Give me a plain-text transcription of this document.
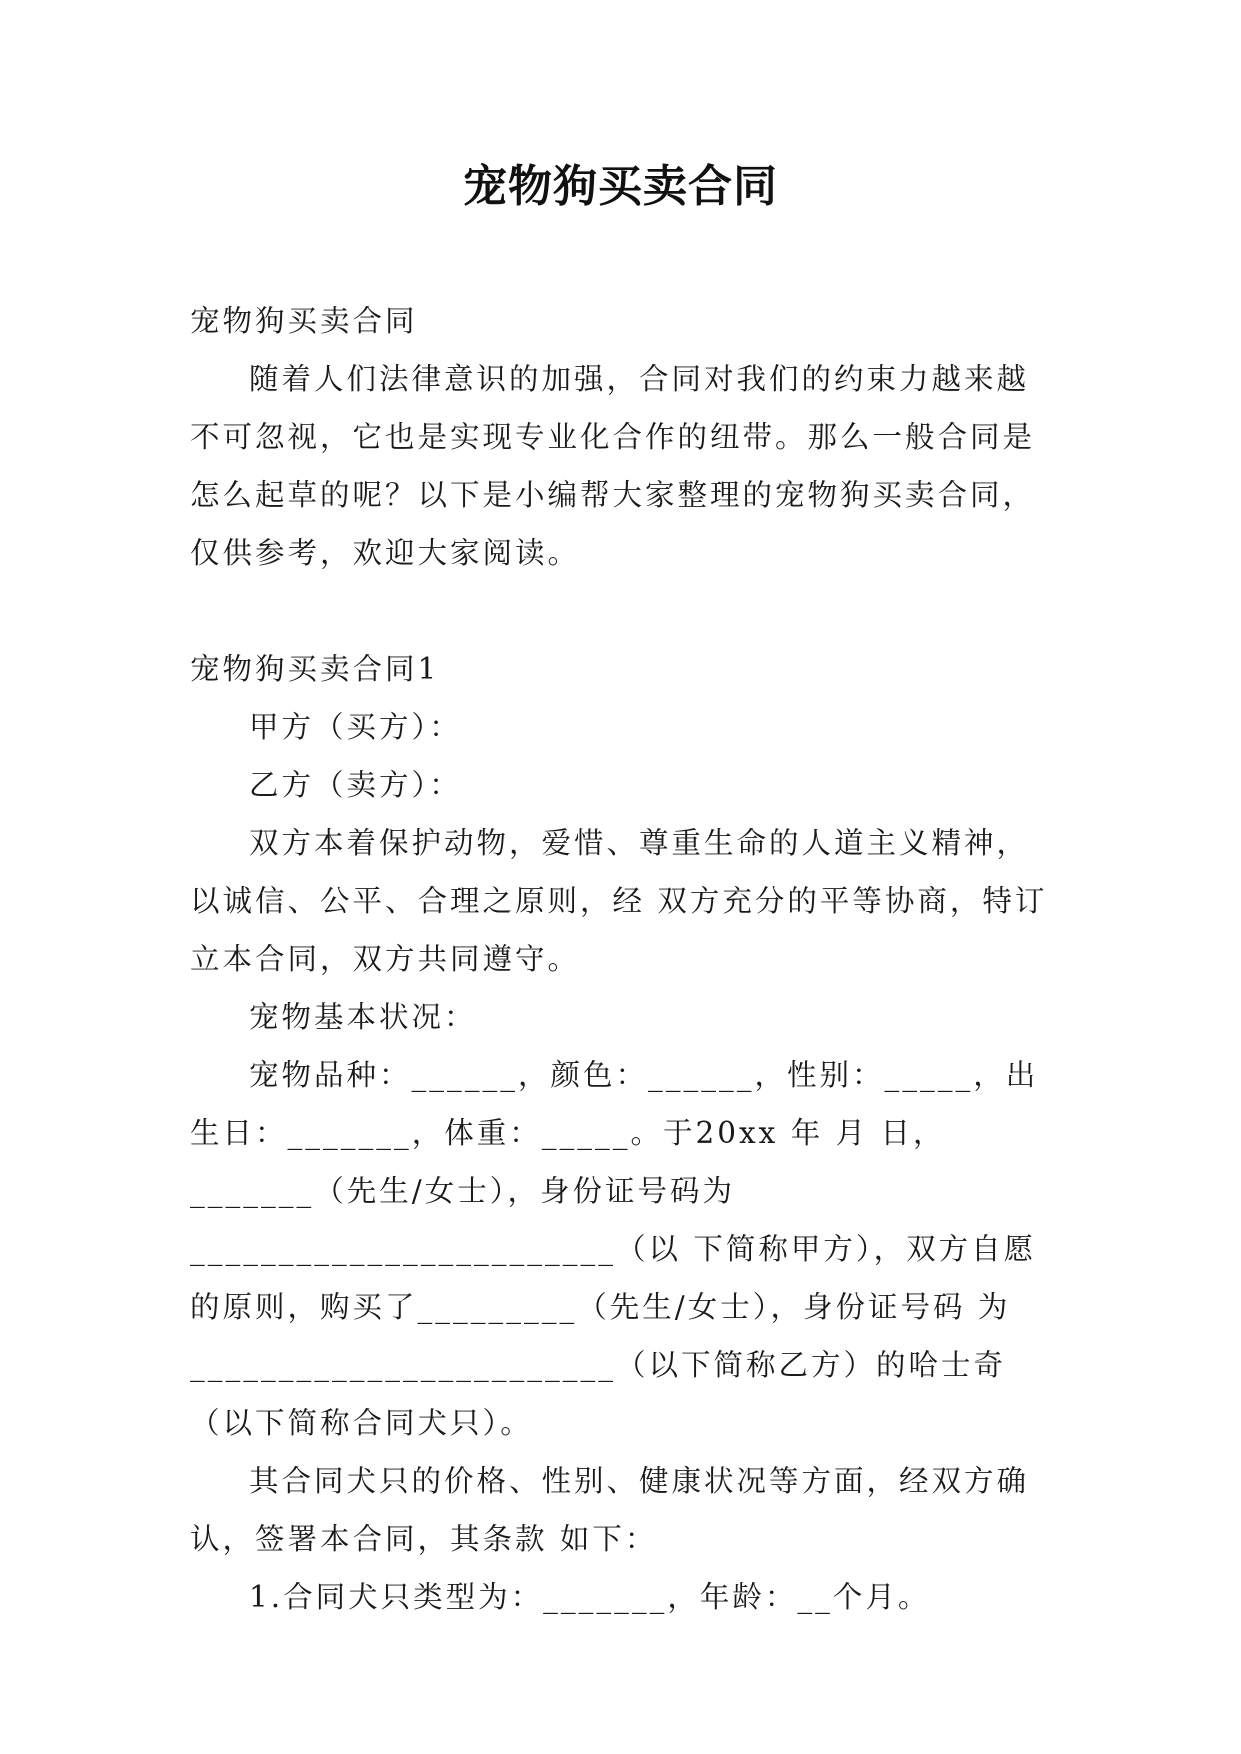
宠物狗买卖合同

宠物狗买卖合同

随着人们法律意识的加强，合同对我们的约束力越来越不可忽视，它也是实现专业化合作的纽带。那么一般合同是怎么起草的呢？以下是小编帮大家整理的宠物狗买卖合同，仅供参考，欢迎大家阅读。

宠物狗买卖合同1

甲方（买方）：

乙方（卖方）：

双方本着保护动物，爱惜、尊重生命的人道主义精神，以诚信、公平、合理之原则，经 双方充分的平等协商，特订立本合同，双方共同遵守。

宠物基本状况：

宠物品种：______，颜色：______，性别：_____，出生日：_______，体重：_____。于20xx 年 月 日，_______（先生/女士），身份证号码为________________________（以 下简称甲方），双方自愿的原则，购买了_________（先生/女士），身份证号码 为________________________（以下简称乙方）的哈士奇（以下简称合同犬只）。

其合同犬只的价格、性别、健康状况等方面，经双方确认，签署本合同，其条款 如下：

1.合同犬只类型为：_______，年龄：__个月。
